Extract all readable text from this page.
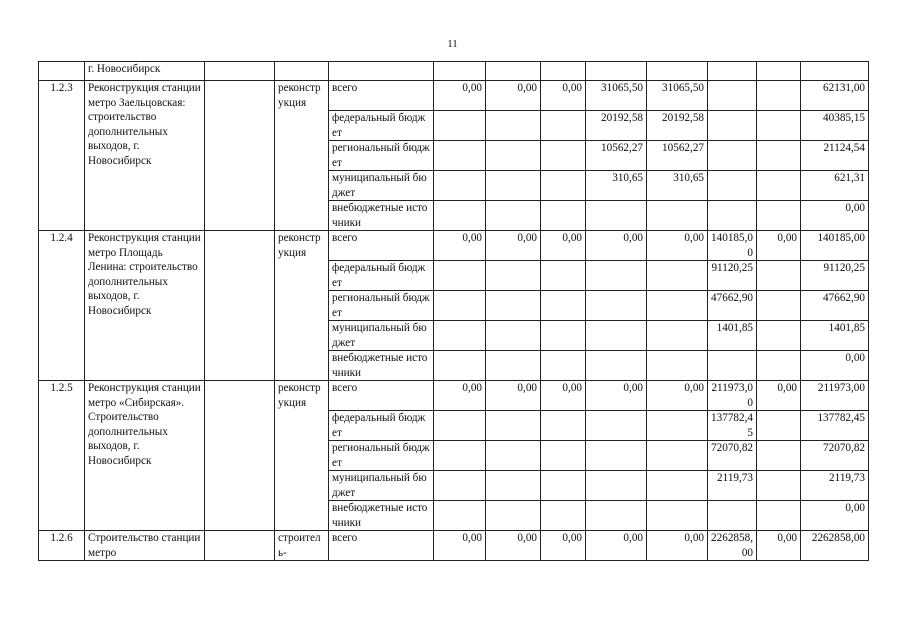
11
	г. Новосибирск											
1.2.3	Реконструкция станции метро Заельцовская: строительство дополнительных выходов, г. Новосибирск		реконструкция	всего	0,00	0,00	0,00	31065,50	31065,50			62131,00
				федеральный бюджет				20192,58	20192,58			40385,15
				региональный бюджет				10562,27	10562,27			21124,54
				муниципальный бюджет				310,65	310,65			621,31
				внебюджетные источники								0,00
1.2.4	Реконструкция станции метро Площадь Ленина: строительство дополнительных выходов, г. Новосибирск		реконструкция	всего	0,00	0,00	0,00	0,00	0,00	140185,00	0,00	140185,00
				федеральный бюджет						91120,25		91120,25
				региональный бюджет						47662,90		47662,90
				муниципальный бюджет						1401,85		1401,85
				внебюджетные источники								0,00
1.2.5	Реконструкция станции метро «Сибирская». Строительство дополнительных выходов, г. Новосибирск		реконструкция	всего	0,00	0,00	0,00	0,00	0,00	211973,00	0,00	211973,00
				федеральный бюджет						137782,45		137782,45
				региональный бюджет						72070,82		72070,82
				муниципальный бюджет						2119,73		2119,73
				внебюджетные источники								0,00
1.2.6	Строительство станции метро		строитель-	всего	0,00	0,00	0,00	0,00	0,00	2262858,00	0,00	2262858,00
